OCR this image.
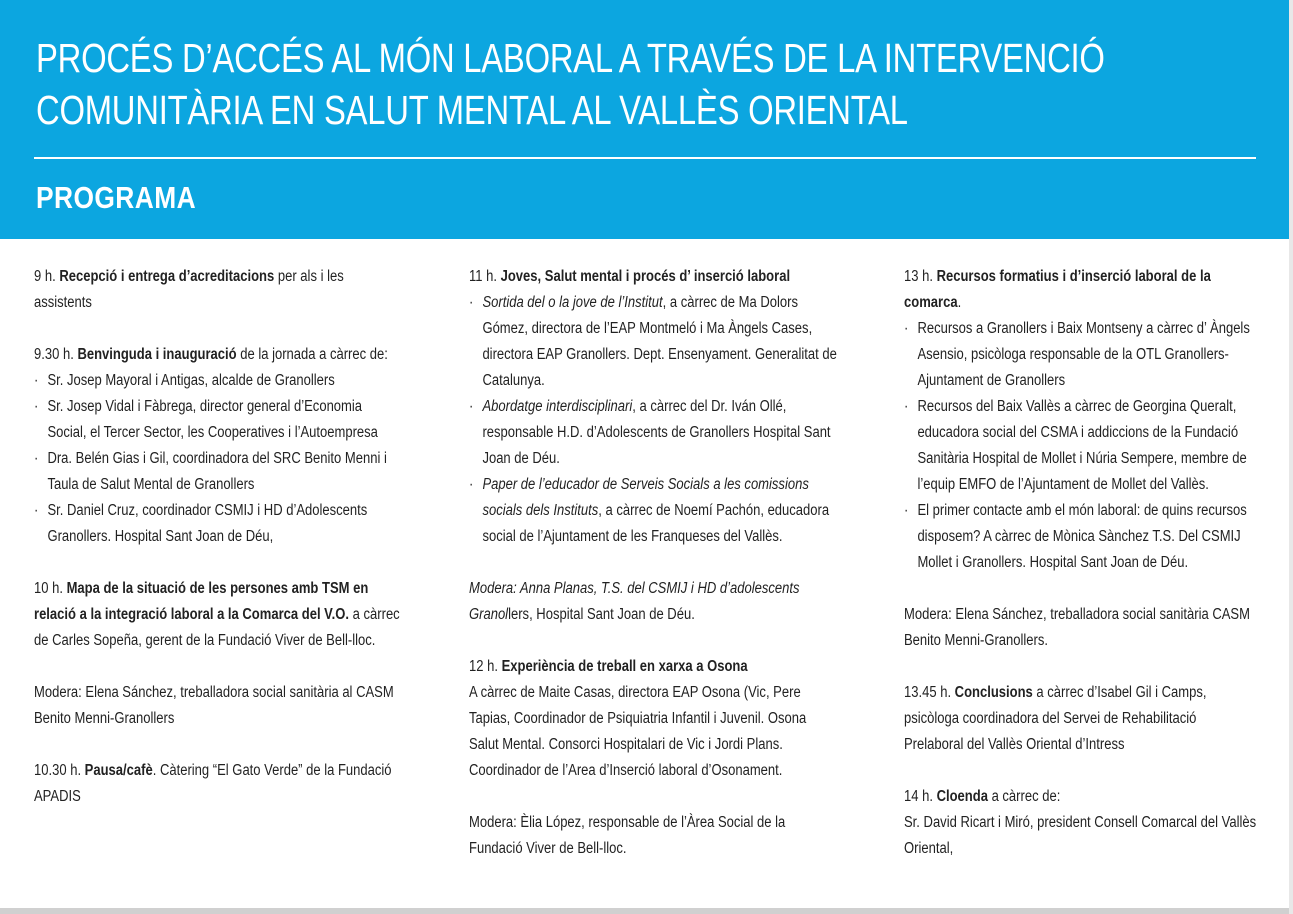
PROCÉS D’ACCÉS AL MÓN LABORAL A TRAVÉS DE LA INTERVENCIÓ COMUNITÀRIA EN SALUT MENTAL AL VALLÈS ORIENTAL
PROGRAMA

9 h. Recepció i entrega d’acreditacions per als i les assistents

9.30 h. Benvinguda i inauguració de la jornada a càrrec de:

· Sr. Josep Mayoral i Antigas, alcalde de Granollers
· Sr. Josep Vidal i Fàbrega, director general d’Economia Social, el Tercer Sector, les Cooperatives i l’Autoempresa
· Dra. Belén Gias i Gil, coordinadora del SRC Benito Menni i Taula de Salut Mental de Granollers
· Sr. Daniel Cruz, coordinador CSMIJ i HD d’Adolescents Granollers. Hospital Sant Joan de Déu,

10 h. Mapa de la situació de les persones amb TSM en relació a la integració laboral a la Comarca del V.O. a càrrec de Carles Sopeña, gerent de la Fundació Viver de Bell-lloc.

Modera: Elena Sánchez, treballadora social sanitària al CASM Benito Menni-Granollers

10.30 h. Pausa/cafè. Càtering “El Gato Verde” de la Fundació APADIS

11 h. Joves, Salut mental i procés d’ inserció laboral

· Sortida del o la jove de l’Institut, a càrrec de Ma Dolors Gómez, directora de l’EAP Montmeló i Ma Àngels Cases, directora EAP Granollers. Dept. Ensenyament. Generalitat de Catalunya.
· Abordatge interdisciplinari, a càrrec del Dr. Iván Ollé, responsable H.D. d’Adolescents de Granollers Hospital Sant Joan de Déu.
· Paper de l’educador de Serveis Socials a les comissions socials dels Instituts, a càrrec de Noemí Pachón, educadora social de l’Ajuntament de les Franqueses del Vallès.

Modera: Anna Planas, T.S. del CSMIJ i HD d’adolescents Granollers, Hospital Sant Joan de Déu.

12 h. Experiència de treball en xarxa a Osona

A càrrec de Maite Casas, directora EAP Osona (Vic, Pere Tapias, Coordinador de Psiquiatria Infantil i Juvenil. Osona Salut Mental. Consorci Hospitalari de Vic i Jordi Plans. Coordinador de l’Area d’Inserció laboral d’Osonament.

Modera: Èlia López, responsable de l’Àrea Social de la Fundació Viver de Bell-lloc.

13 h. Recursos formatius i d’inserció laboral de la comarca.

· Recursos a Granollers i Baix Montseny a càrrec d’ Àngels Asensio, psicòloga responsable de la OTL Granollers-Ajuntament de Granollers
· Recursos del Baix Vallès a càrrec de Georgina Queralt, educadora social del CSMA i addiccions de la Fundació Sanitària Hospital de Mollet i Núria Sempere, membre de l’equip EMFO de l’Ajuntament de Mollet del Vallès.
· El primer contacte amb el món laboral: de quins recursos disposem? A càrrec de Mònica Sànchez T.S. Del CSMIJ Mollet i Granollers. Hospital Sant Joan de Déu.

Modera: Elena Sánchez, treballadora social sanitària CASM Benito Menni-Granollers.

13.45 h. Conclusions a càrrec d’Isabel Gil i Camps, psicòloga coordinadora del Servei de Rehabilitació Prelaboral del Vallès Oriental d’Intress

14 h. Cloenda a càrrec de:

Sr. David Ricart i Miró, president Consell Comarcal del Vallès Oriental,
